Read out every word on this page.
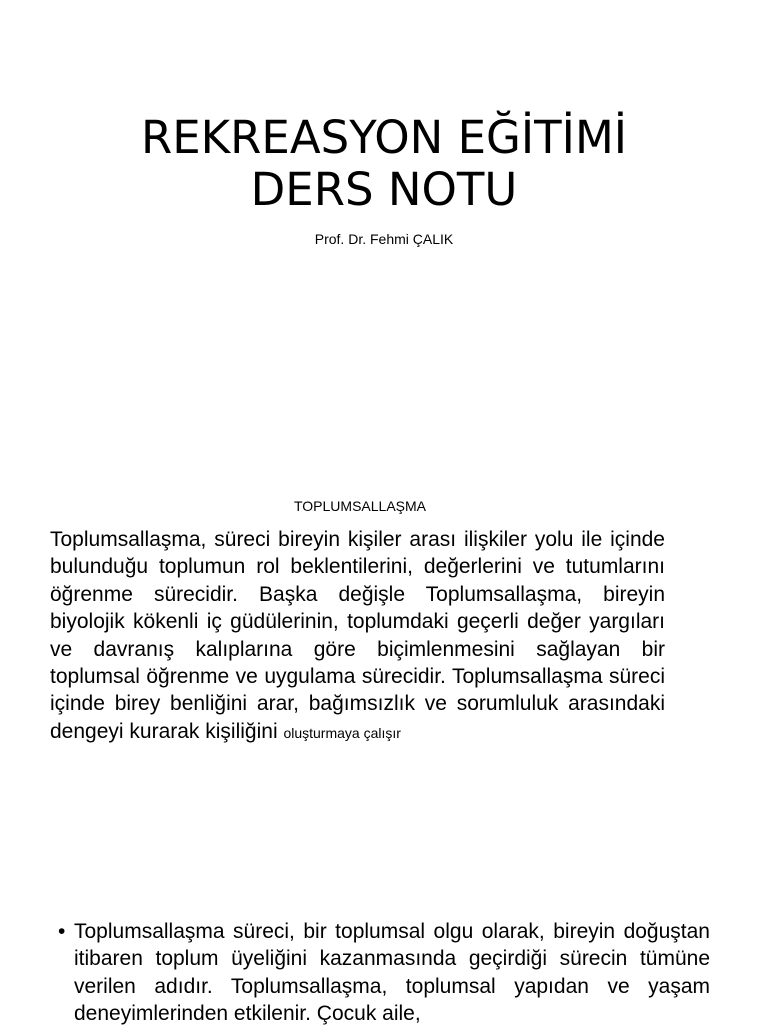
REKREASYON EĞİTİMİ
DERS NOTU
Prof. Dr. Fehmi ÇALIK
TOPLUMSALLAŞMA
Toplumsallaşma, süreci bireyin kişiler arası ilişkiler yolu ile içinde bulunduğu toplumun rol beklentilerini, değerlerini ve tutumlarını öğrenme sürecidir. Başka değişle Toplumsallaşma, bireyin biyolojik kökenli iç güdülerinin, toplumdaki geçerli değer yargıları ve davranış kalıplarına göre biçimlenmesini sağlayan bir toplumsal öğrenme ve uygulama sürecidir. Toplumsallaşma süreci içinde birey benliğini arar, bağımsızlık ve sorumluluk arasındaki dengeyi kurarak kişiliğini oluşturmaya çalışır
• Toplumsallaşma süreci, bir toplumsal olgu olarak, bireyin doğuştan itibaren toplum üyeliğini kazanmasında geçirdiği sürecin tümüne verilen adıdır. Toplumsallaşma, toplumsal yapıdan ve yaşam deneyimlerinden etkilenir. Çocuk aile,
